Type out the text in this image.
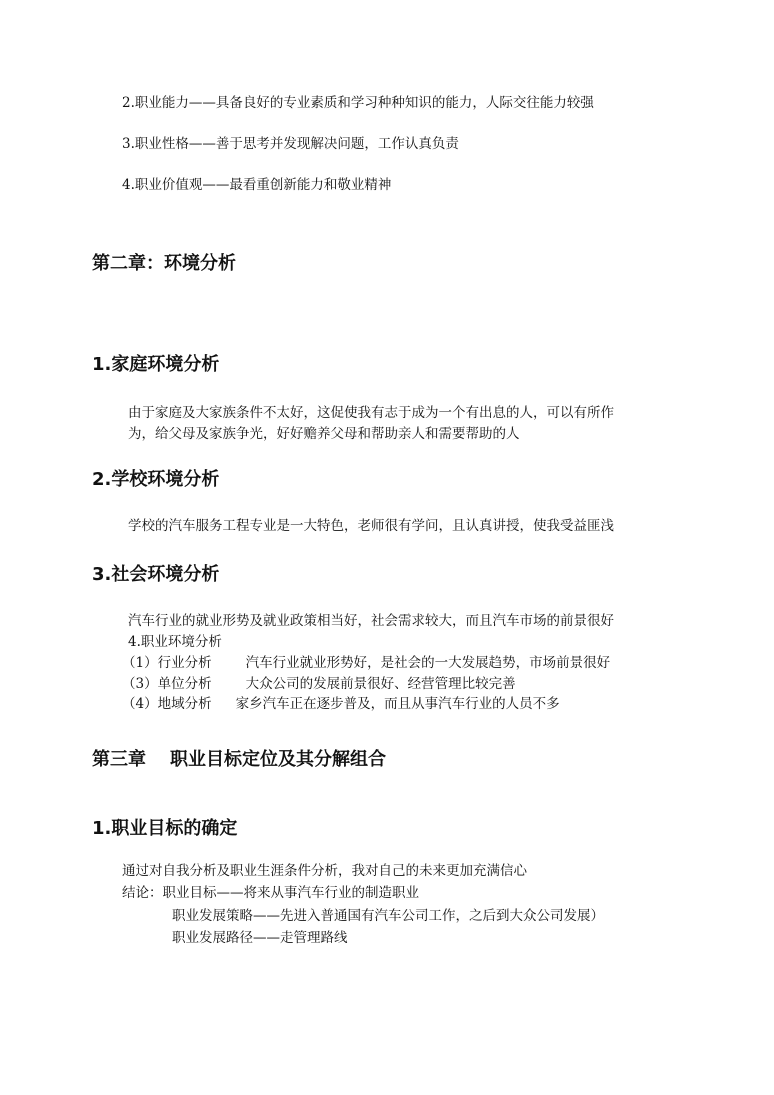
2.职业能力——具备良好的专业素质和学习种种知识的能力，人际交往能力较强
3.职业性格——善于思考并发现解决问题，工作认真负责
4.职业价值观——最看重创新能力和敬业精神
第二章：环境分析
1.家庭环境分析
由于家庭及大家族条件不太好，这促使我有志于成为一个有出息的人，可以有所作
为，给父母及家族争光，好好赡养父母和帮助亲人和需要帮助的人
2.学校环境分析
学校的汽车服务工程专业是一大特色，老师很有学问，且认真讲授，使我受益匪浅
3.社会环境分析
汽车行业的就业形势及就业政策相当好，社会需求较大，而且汽车市场的前景很好
4.职业环境分析
（1）行业分析	汽车行业就业形势好，是社会的一大发展趋势，市场前景很好
（3）单位分析	大众公司的发展前景很好、经营管理比较完善
（4）地域分析 家乡汽车正在逐步普及，而且从事汽车行业的人员不多
第三章 职业目标定位及其分解组合
1.职业目标的确定
通过对自我分析及职业生涯条件分析，我对自己的未来更加充满信心
结论：职业目标——将来从事汽车行业的制造职业
职业发展策略——先进入普通国有汽车公司工作，之后到大众公司发展）
职业发展路径——走管理路线
